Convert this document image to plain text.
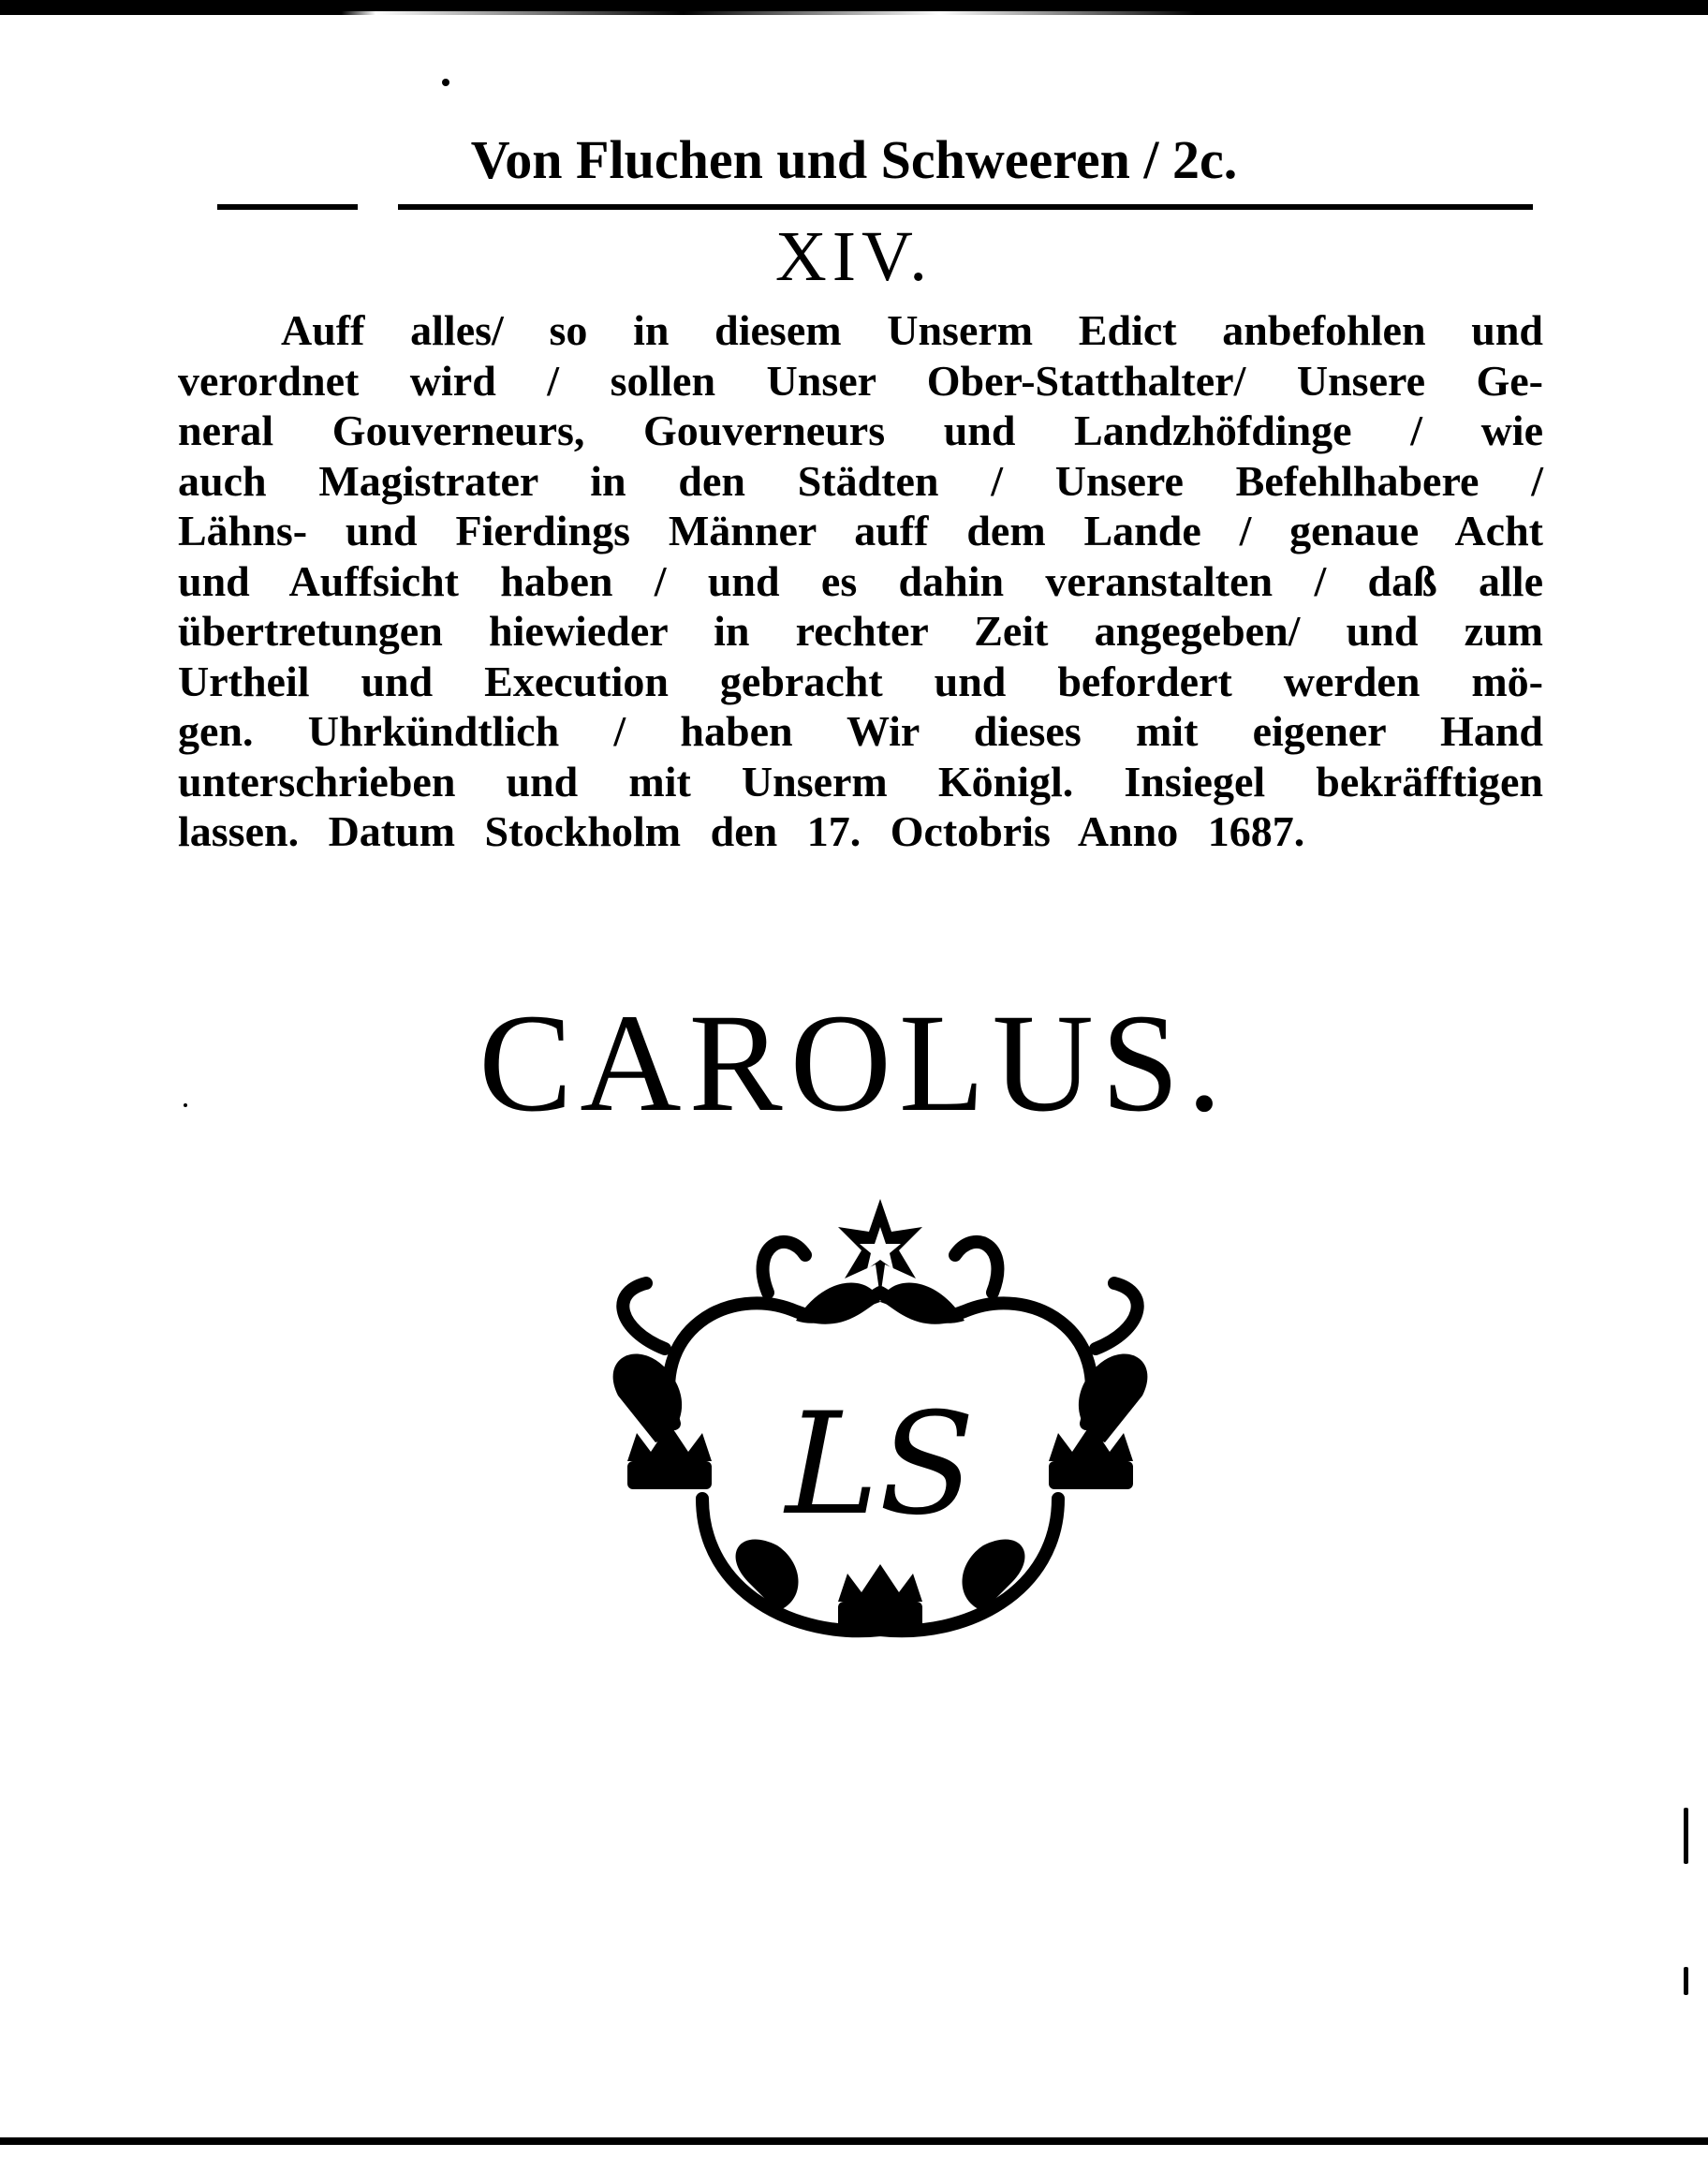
Von Fluchen und Schweeren / 2c.
XIV.
Auff alles/ so in diesem Unserm Edict anbefohlen und
verordnet wird / sollen Unser Ober-Statthalter/ Unsere Ge-
neral Gouverneurs, Gouverneurs und Landzhöfdinge / wie
auch Magistrater in den Städten / Unsere Befehlhabere /
Lähns- und Fierdings Männer auff dem Lande / genaue Acht
und Auffsicht haben / und es dahin veranstalten / daß alle
übertretungen hiewieder in rechter Zeit angegeben/ und zum
Urtheil und Execution gebracht und befordert werden mö-
gen. Uhrkündtlich / haben Wir dieses mit eigener Hand
unterschrieben und mit Unserm Königl. Insiegel bekräfftigen
lassen. Datum Stockholm den 17. Octobris Anno 1687.
CAROLUS.
LS
